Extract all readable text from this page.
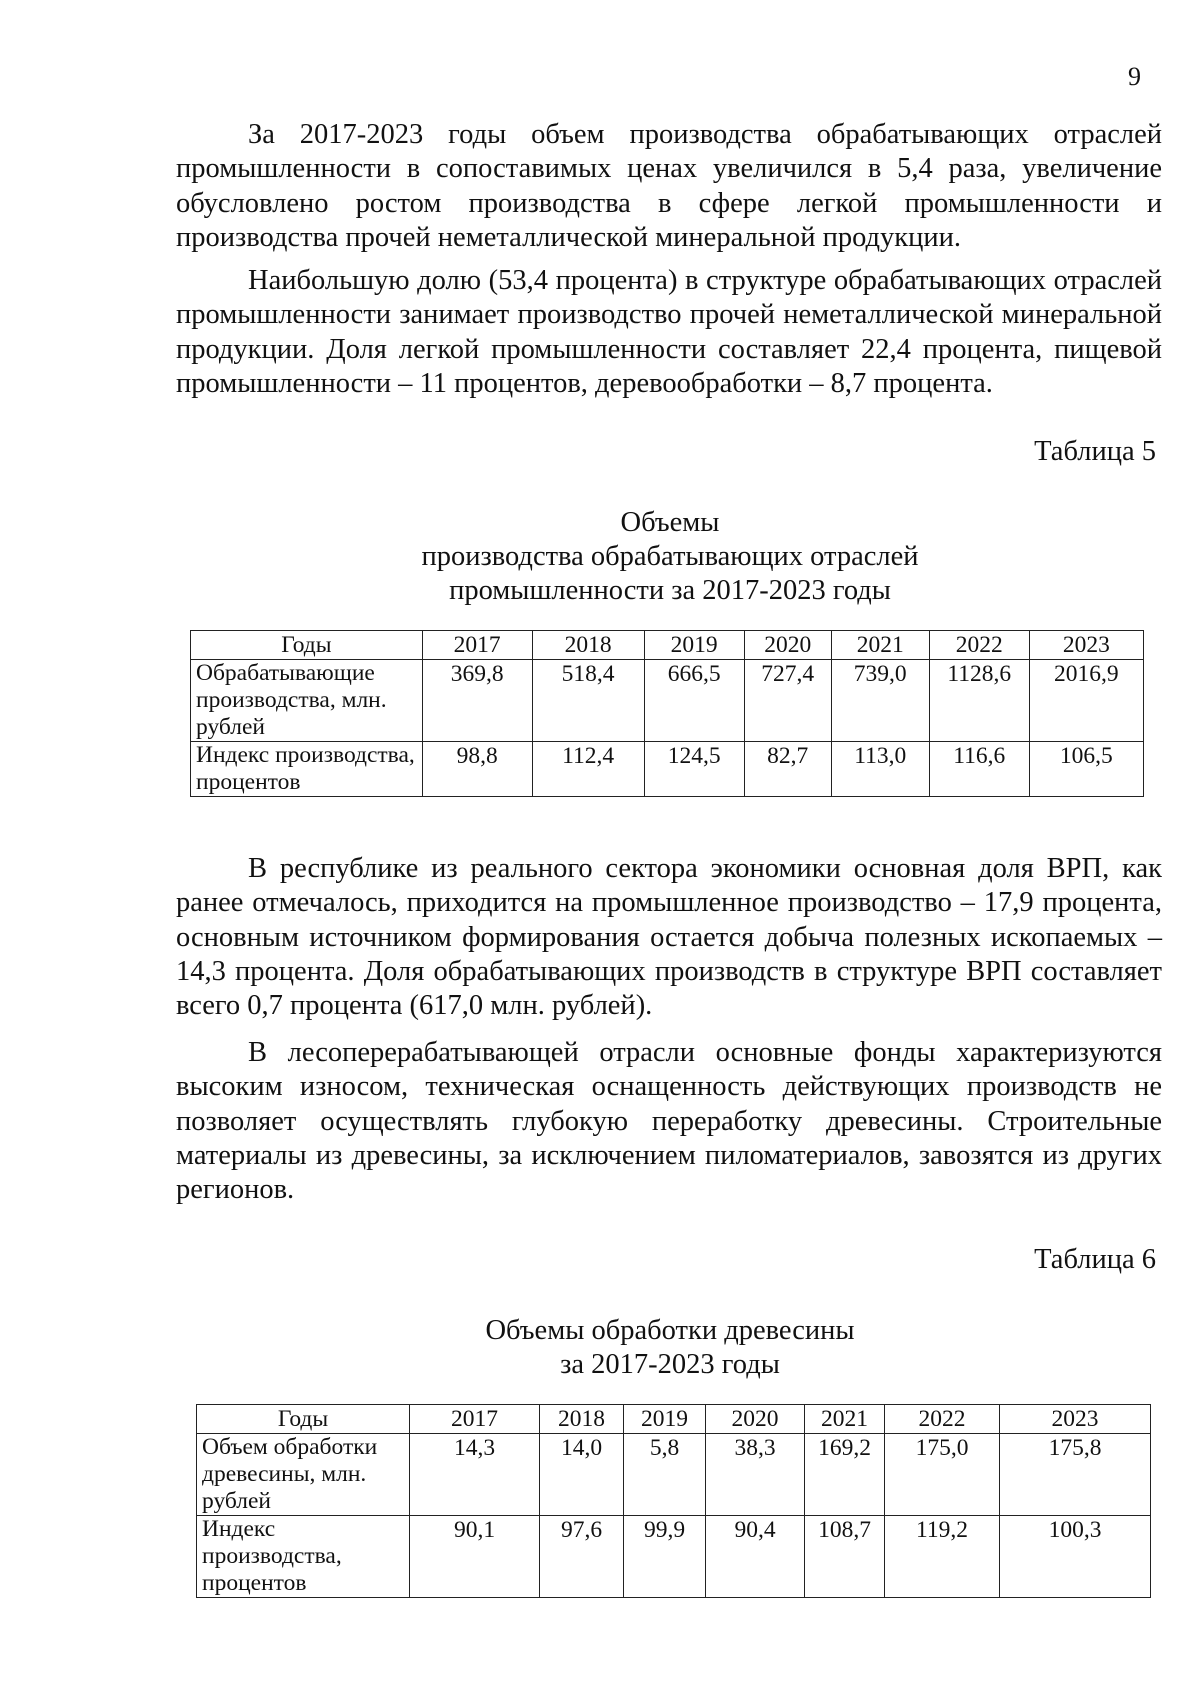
9

За 2017-2023 годы объем производства обрабатывающих отраслей промышленности в сопоставимых ценах увеличился в 5,4 раза, увеличение обусловлено ростом производства в сфере легкой промышленности и производства прочей неметаллической минеральной продукции.

Наибольшую долю (53,4 процента) в структуре обрабатывающих отраслей промышленности занимает производство прочей неметаллической минеральной продукции. Доля легкой промышленности составляет 22,4 процента, пищевой промышленности – 11 процентов, деревообработки – 8,7 процента.

Таблица 5
Объемы
производства обрабатывающих отраслей
промышленности за 2017-2023 годы
Годы	2017	2018	2019	2020	2021	2022	2023
Обрабатывающие производства, млн. рублей	369,8	518,4	666,5	727,4	739,0	1128,6	2016,9
Индекс производства, процентов	98,8	112,4	124,5	82,7	113,0	116,6	106,5

В республике из реального сектора экономики основная доля ВРП, как ранее отмечалось, приходится на промышленное производство – 17,9 процента, основным источником формирования остается добыча полезных ископаемых – 14,3 процента. Доля обрабатывающих производств в структуре ВРП составляет всего 0,7 процента (617,0 млн. рублей).

В лесоперерабатывающей отрасли основные фонды характеризуются высоким износом, техническая оснащенность действующих производств не позволяет осуществлять глубокую переработку древесины. Строительные материалы из древесины, за исключением пиломатериалов, завозятся из других регионов.

Таблица 6
Объемы обработки древесины
за 2017-2023 годы
Годы	2017	2018	2019	2020	2021	2022	2023
Объем обработки древесины, млн. рублей	14,3	14,0	5,8	38,3	169,2	175,0	175,8
Индекс производства, процентов	90,1	97,6	99,9	90,4	108,7	119,2	100,3
